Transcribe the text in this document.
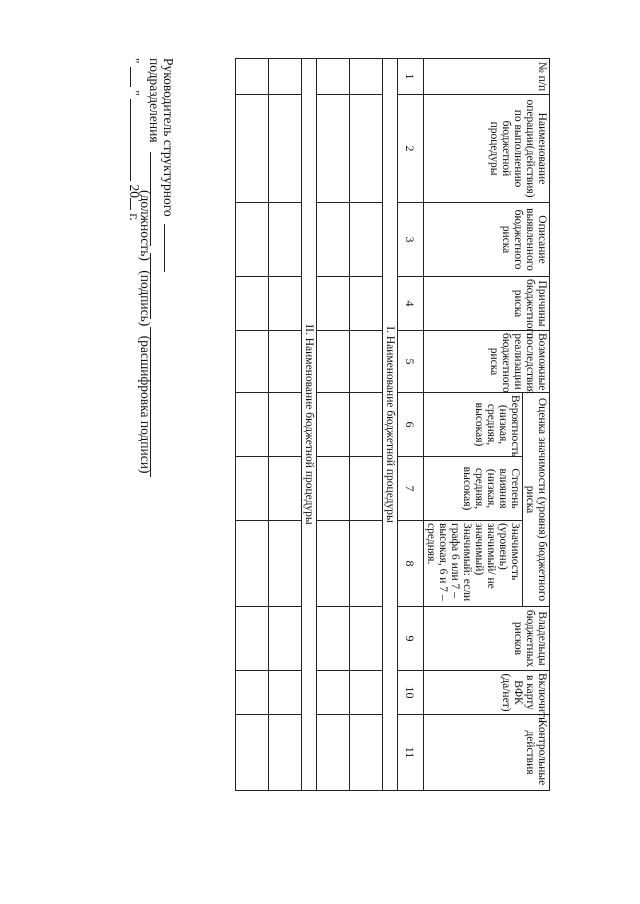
№ п/п	Наименование операции(действия) по выполнению бюджетной процедуры	Описание выявленного бюджетного риска	Причины бюджетного риска	Возможные последствия реализации бюджетного риска	Оценка значимости (уровня) бюджетного риска			Владельцы бюджетных рисков	Включить в карту ВФК (да/нет)	Контрольные действия
					Вероятность (низкая, средняя, высокая)	Степень влияния (низкая, средняя, высокая)	Значимость (уровень) значимый/ не значимый) Значимый: если графа 6 или 7 – высокая, 6 и 7 – средняя.			
1	2	3	4	5	6	7	8	9	10	11
I. Наименование бюджетной процедуры										

II. Наименование бюджетной процедуры										

Руководитель структурного
подразделения
(должность) (подпись) (расшифровка подписи)
"  "  20 г.
